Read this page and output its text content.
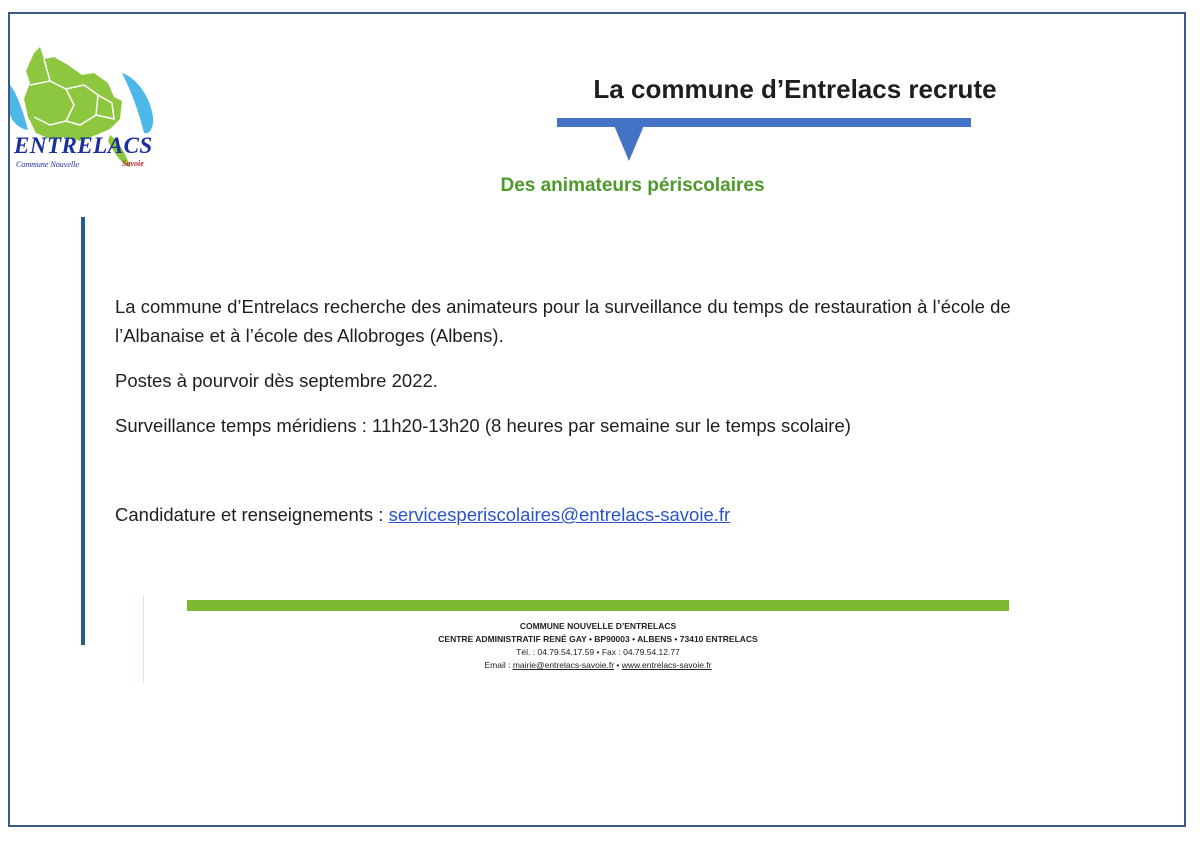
ENTRELACS

Commune Nouvelle	Savoie
La commune d’Entrelacs recrute
Des animateurs périscolaires

La commune d’Entrelacs recherche des animateurs pour la surveillance du temps de restauration à l’école de l’Albanaise et à l’école des Allobroges (Albens).

Postes à pourvoir dès septembre 2022.

Surveillance temps méridiens : 11h20-13h20 (8 heures par semaine sur le temps scolaire)

Candidature et renseignements : servicesperiscolaires@entrelacs-savoie.fr
COMMUNE NOUVELLE D’ENTRELACS
CENTRE ADMINISTRATIF RENÉ GAY • BP90003 • ALBENS • 73410 ENTRELACS
Tél. : 04.79.54.17.59 • Fax : 04.79.54.12.77
Email : mairie@entrelacs-savoie.fr • www.entrelacs-savoie.fr
